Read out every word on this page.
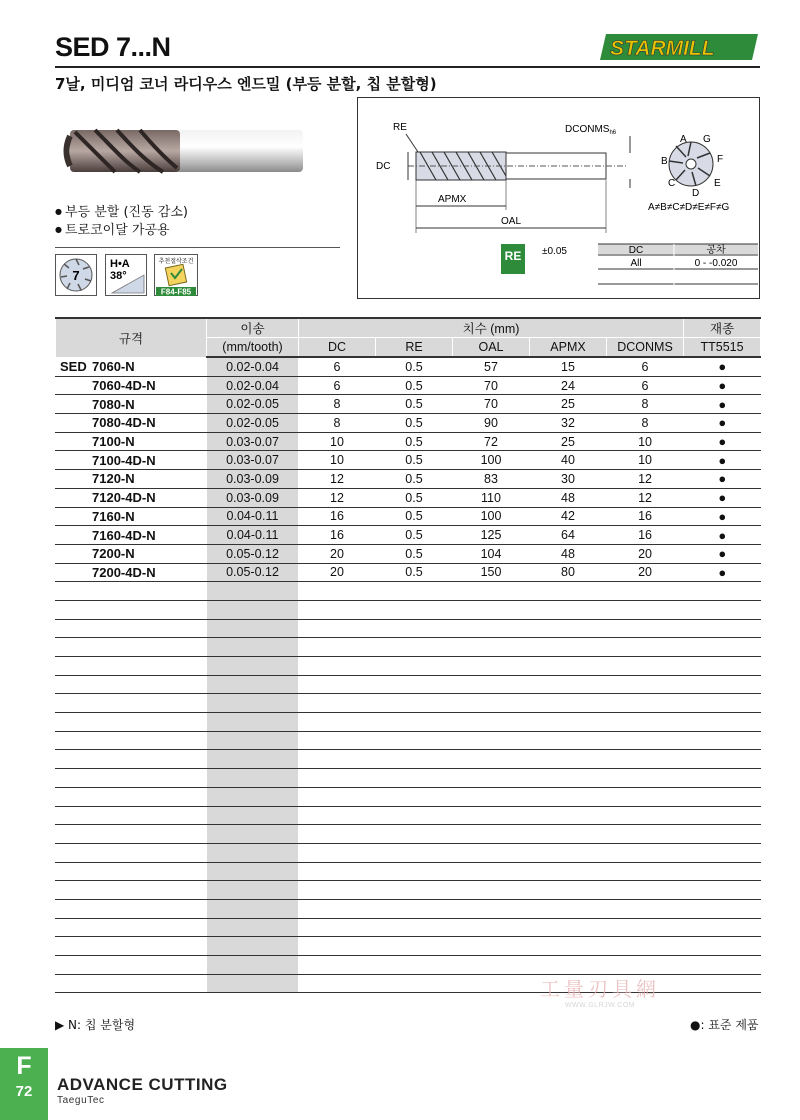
SED 7...N	STARMILL
7날, 미디엄 코너 라디우스 엔드밀 (부등 분할, 칩 분할형)
● 부등 분할 (진동 감소)
● 트로코이달 가공용
7
H•A
38°
추천절삭조건
F84-F85
DC
RE	$DCONMS_{h6}$
APMX
OAL
A G
B	F
C	E
D
A≠B≠C≠D≠E≠F≠G
RE ±0.05	DC	공차
All	0 - -0.020
규격	이송	치수 (mm)					재종
	(mm/tooth)	DC	RE	OAL	APMX	DCONMS	TT5515

SED 7060-N	0.02-0.04	6	0.5	57	15	6	●
7060-4D-N	0.02-0.04	6	0.5	70	24	6	●
7080-N	0.02-0.05	8	0.5	70	25	8	●
7080-4D-N	0.02-0.05	8	0.5	90	32	8	●
7100-N	0.03-0.07	10	0.5	72	25	10	●
7100-4D-N	0.03-0.07	10	0.5	100	40	10	●
7120-N	0.03-0.09	12	0.5	83	30	12	●
7120-4D-N	0.03-0.09	12	0.5	110	48	12	●
7160-N	0.04-0.11	16	0.5	100	42	16	●
7160-4D-N	0.04-0.11	16	0.5	125	64	16	●
7200-N	0.05-0.12	20	0.5	104	48	20	●
7200-4D-N	0.05-0.12	20	0.5	150	80	20	●

工量刃具網
WWW.GLRJW.COM
▶ N: 칩 분할형	●: 표준 제품
F
72	ADVANCE CUTTING
TaeguTec
